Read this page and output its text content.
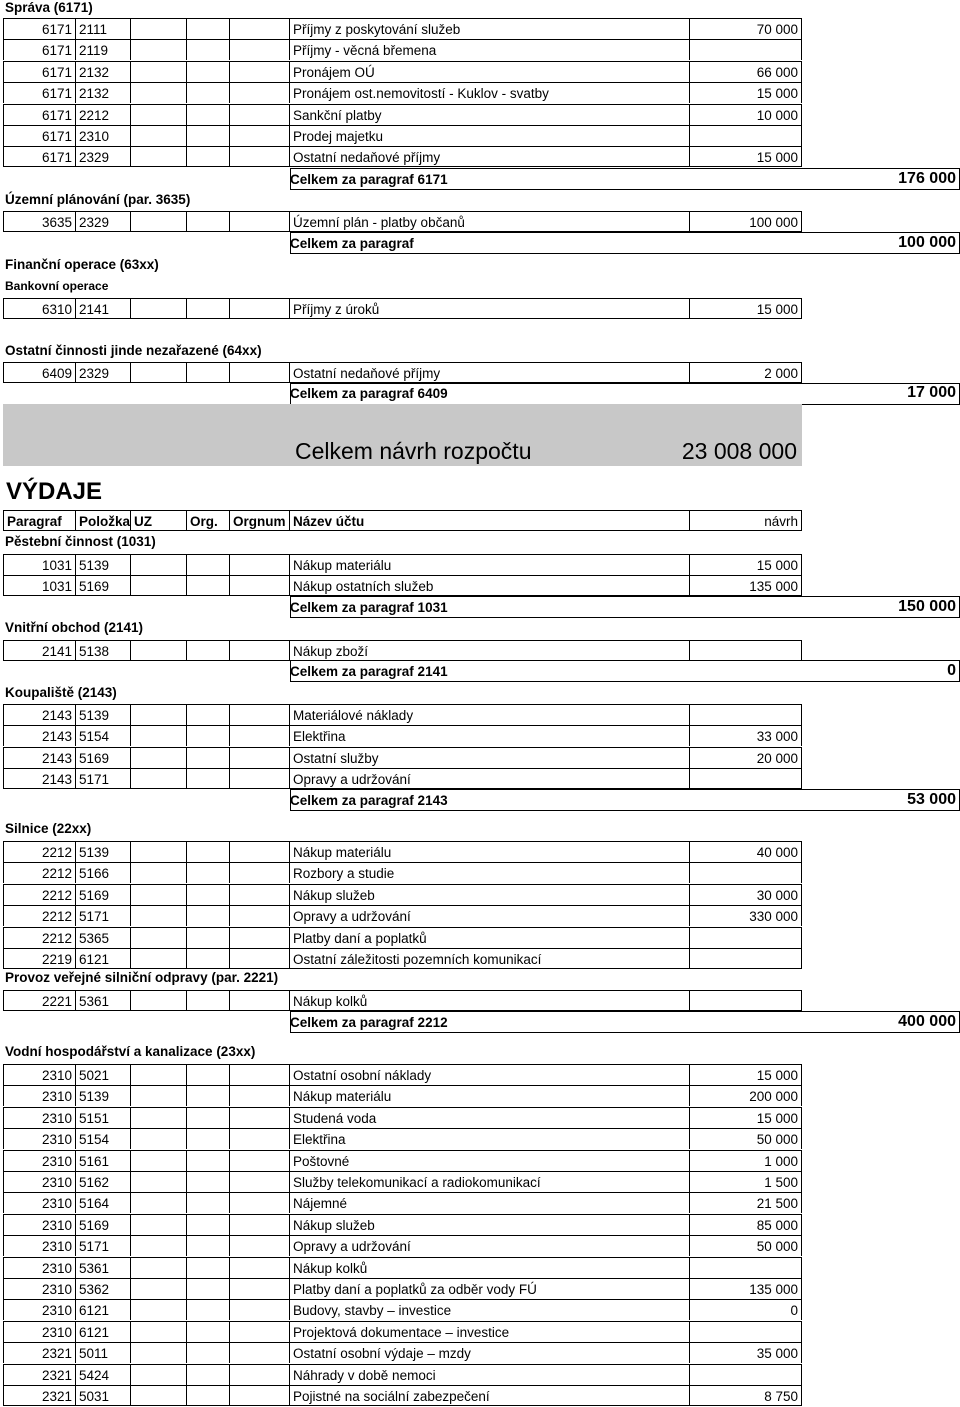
Správa (6171)
6171 2111	Příjmy z poskytování služeb	70 000
6171 2119	Příjmy - věcná břemena
6171 2132	Pronájem OÚ	66 000
6171 2132	Pronájem ost.nemovitostí - Kuklov - svatby	15 000
6171 2212	Sankční platby	10 000
6171 2310	Prodej majetku
6171 2329	Ostatní nedaňové příjmy	15 000
Celkem za paragraf 6171	176 000
Územní plánování (par. 3635)
3635 2329	Územní plán - platby občanů	100 000
Celkem za paragraf	100 000
Finanční operace (63xx)
Bankovní operace
6310 2141	Příjmy z úroků	15 000
Ostatní činnosti jinde nezařazené (64xx)
6409 2329	Ostatní nedaňové příjmy	2 000
Celkem za paragraf 6409	17 000
Celkem návrh rozpočtu	23 008 000
VÝDAJE
Paragraf	Položka UZ	Org.	Orgnum Název účtu	návrh
Pěstební činnost (1031)
1031 5139	Nákup materiálu	15 000
1031 5169	Nákup ostatních služeb	135 000
Celkem za paragraf 1031	150 000
Vnitřní obchod (2141)
2141 5138	Nákup zboží
Celkem za paragraf 2141	0
Koupaliště (2143)
2143 5139	Materiálové náklady
2143 5154	Elektřina	33 000
2143 5169	Ostatní služby	20 000
2143 5171	Opravy a udržování
Celkem za paragraf 2143	53 000
Silnice (22xx)
2212 5139	Nákup materiálu	40 000
2212 5166	Rozbory a studie
2212 5169	Nákup služeb	30 000
2212 5171	Opravy a udržování	330 000
2212 5365	Platby daní a poplatků
2219 6121	Ostatní záležitosti pozemních komunikací
Provoz veřejné silniční odpravy (par. 2221)
2221 5361	Nákup kolků
Celkem za paragraf 2212	400 000
Vodní hospodářství a kanalizace (23xx)
2310 5021	Ostatní osobní náklady	15 000
2310 5139	Nákup materiálu	200 000
2310 5151	Studená voda	15 000
2310 5154	Elektřina	50 000
2310 5161	Poštovné	1 000
2310 5162	Služby telekomunikací a radiokomunikací	1 500
2310 5164	Nájemné	21 500
2310 5169	Nákup služeb	85 000
2310 5171	Opravy a udržování	50 000
2310 5361	Nákup kolků
2310 5362	Platby daní a poplatků za odběr vody FÚ	135 000
2310 6121	Budovy, stavby – investice	0
2310 6121	Projektová dokumentace – investice
2321 5011	Ostatní osobní výdaje – mzdy	35 000
2321 5424	Náhrady v době nemoci
2321 5031	Pojistné na sociální zabezpečení	8 750
